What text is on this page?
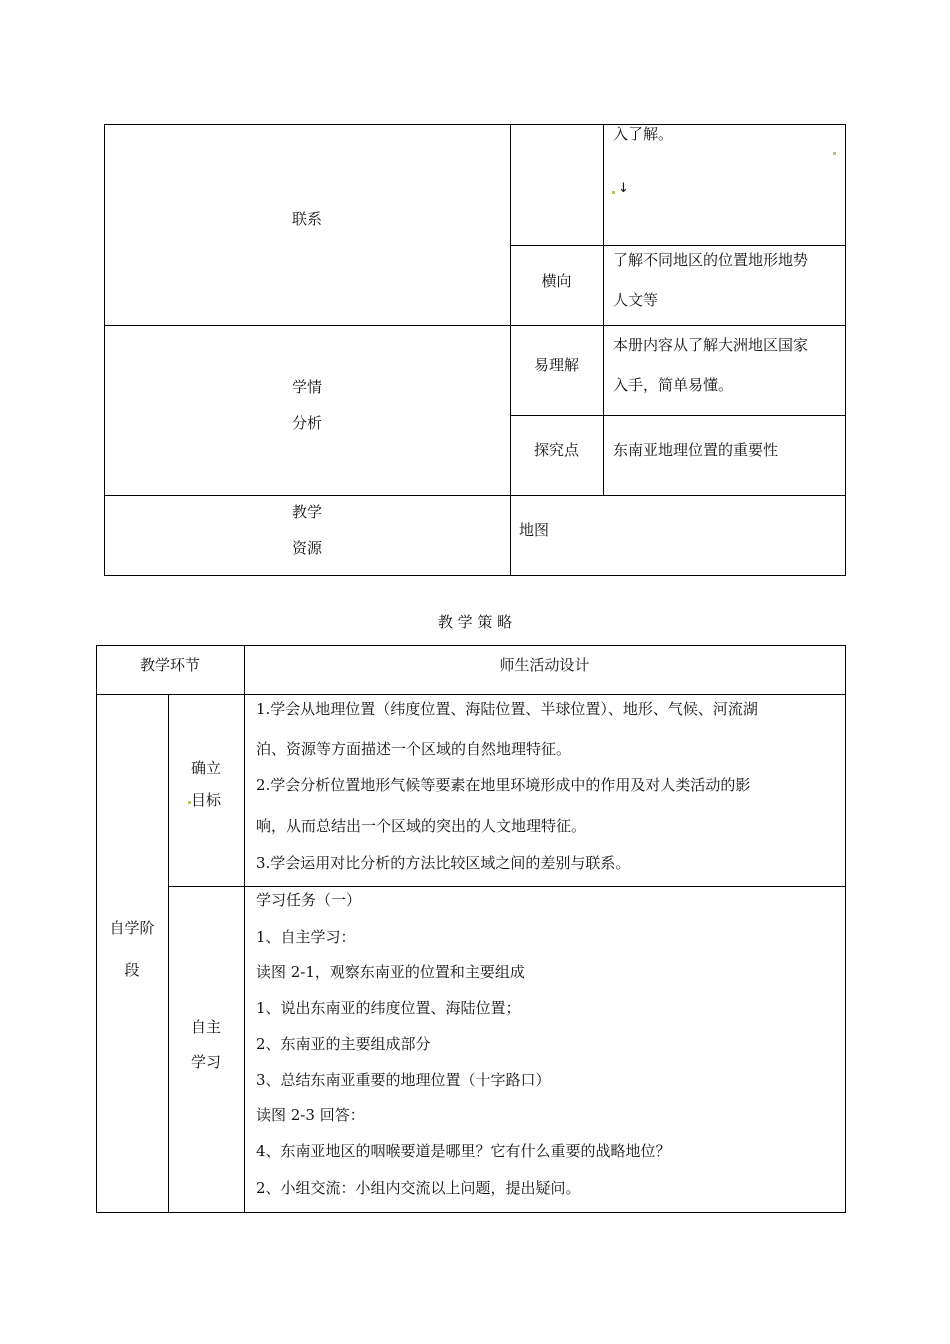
联系
入了解。
↓
横向
了解不同地区的位置地形地势
人文等
学情
分析
易理解
本册内容从了解大洲地区国家
入手，简单易懂。
探究点	东南亚地理位置的重要性
教学
资源
地图
教 学 策 略
教学环节	师生活动设计
自学阶
段
确立
目标
1.学会从地理位置（纬度位置、海陆位置、半球位置）、地形、气候、河流湖
泊、资源等方面描述一个区域的自然地理特征。
2.学会分析位置地形气候等要素在地里环境形成中的作用及对人类活动的影
响，从而总结出一个区域的突出的人文地理特征。
3.学会运用对比分析的方法比较区域之间的差别与联系。
自主
学习
学习任务（一）
1、自主学习：
读图 2-1，观察东南亚的位置和主要组成
1、说出东南亚的纬度位置、海陆位置；
2、东南亚的主要组成部分
3、总结东南亚重要的地理位置（十字路口）
读图 2-3 回答：
4、东南亚地区的咽喉要道是哪里？它有什么重要的战略地位？
2、小组交流：小组内交流以上问题，提出疑问。
